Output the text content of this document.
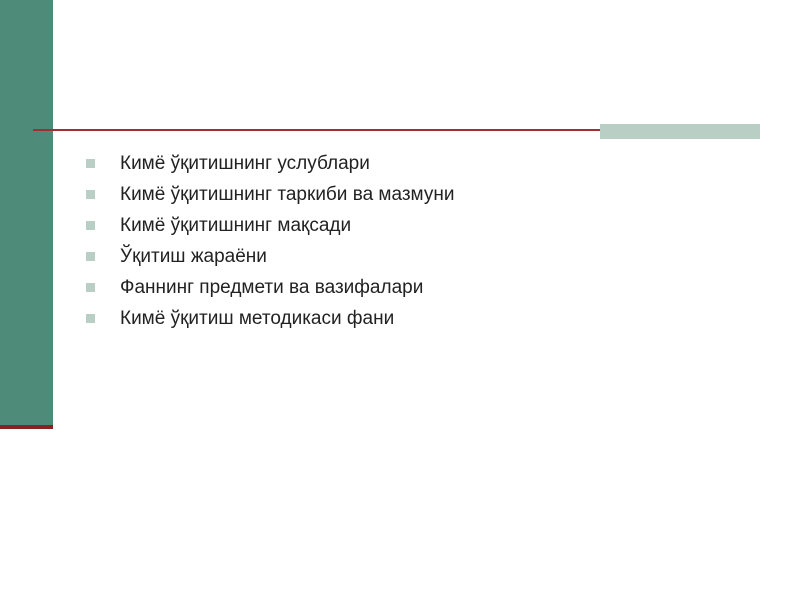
Кимё ўқитишнинг услублари
Кимё ўқитишнинг таркиби ва мазмуни
Кимё ўқитишнинг мақсади
Ўқитиш жараёни
Фаннинг предмети ва вазифалари
Кимё ўқитиш методикаси фани
